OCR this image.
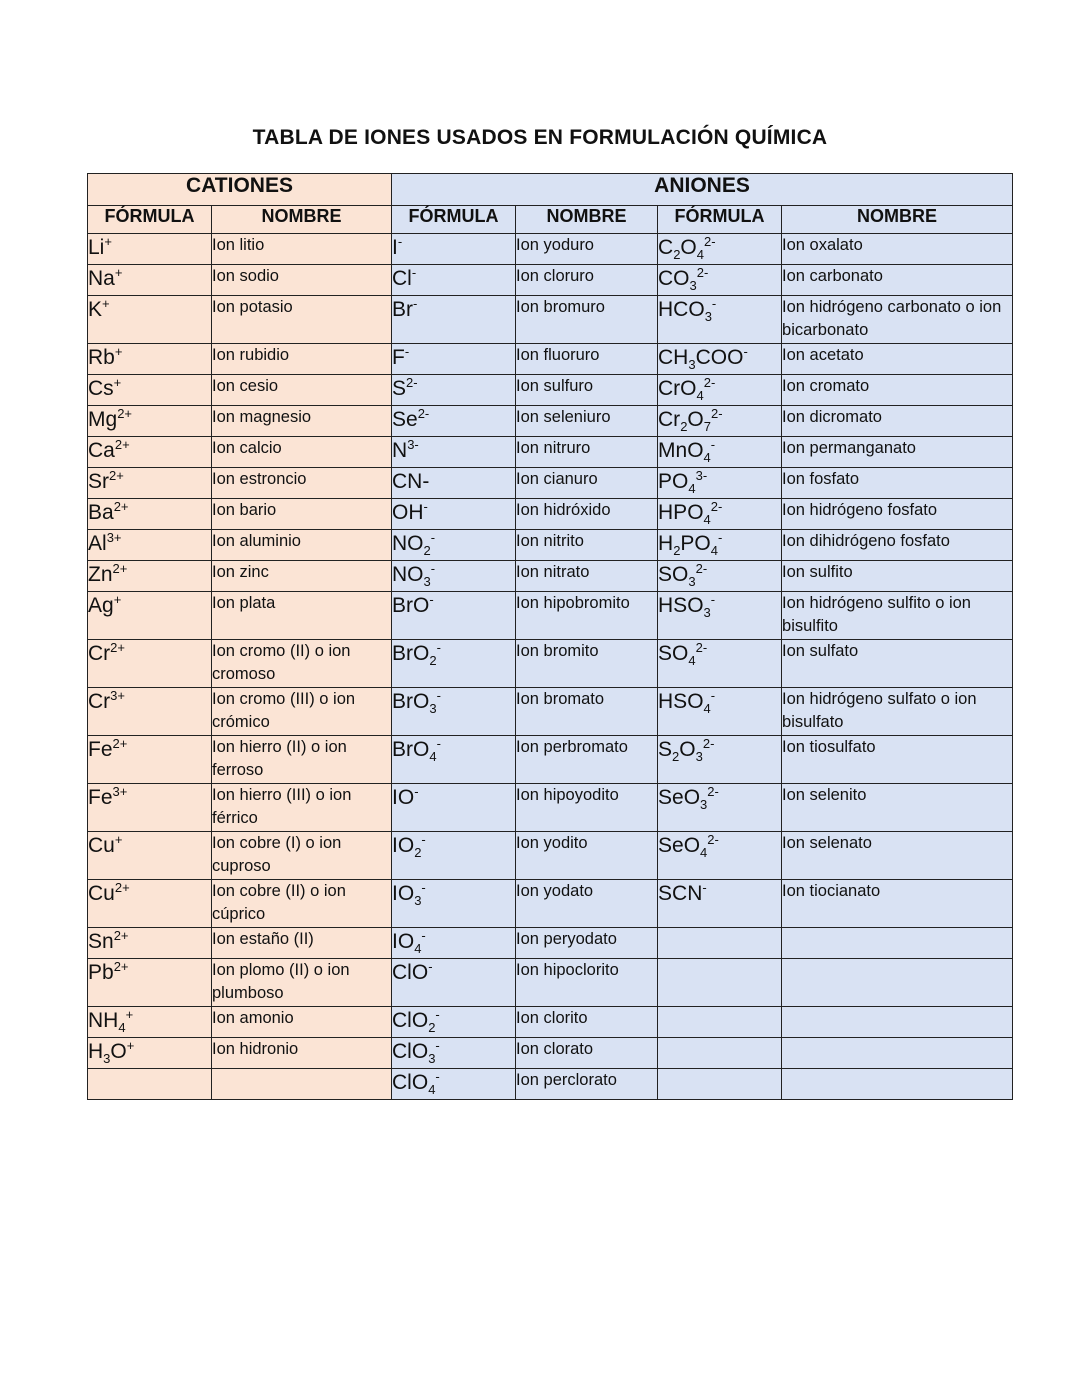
TABLA DE IONES USADOS EN FORMULACIÓN QUÍMICA
CATIONES		ANIONES			
FÓRMULA	NOMBRE	FÓRMULA	NOMBRE	FÓRMULA	NOMBRE
Li+	Ion litio	I-	Ion yoduro	$C_2O_4^{2-}$	Ion oxalato
Na+	Ion sodio	Cl-	Ion cloruro	$CO_3^{2-}$	Ion carbonato
K+	Ion potasio	Br-	Ion bromuro	$HCO_3^-$	Ion hidrógeno carbonato o ion bicarbonato
Rb+	Ion rubidio	F-	Ion fluoruro	$CH_3COO^-$	Ion acetato
Cs+	Ion cesio	$S^{2-}$	Ion sulfuro	CrO$_4^{2-}$	Ion cromato
$Mg^{2+}$	Ion magnesio	$Se^{2-}$	Ion seleniuro	$Cr_2O_7^{2-}$	Ion dicromato
$Ca^{2+}$	Ion calcio	$N^{3-}$	Ion nitruro	MnO$_4$-	Ion permanganato
$Sr^{2+}$	Ion estroncio	CN-	Ion cianuro	$PO_4^{3-}$	Ion fosfato
$Ba^{2+}$	Ion bario	OH-	Ion hidróxido	$HPO_4^{2-}$	Ion hidrógeno fosfato
$Al^{3+}$	Ion aluminio	$NO_2^-$	Ion nitrito	$H_2PO_4^-$	Ion dihidrógeno fosfato
$Zn^{2+}$	Ion zinc	$NO_3^-$	Ion nitrato	$SO_3^{2-}$	Ion sulfito
Ag+	Ion plata	BrO-	Ion hipobromito	$HSO_3^-$	Ion hidrógeno sulfito o ion bisulfito
$Cr^{2+}$	Ion cromo (II) o ion cromoso	BrO$_2$-	Ion bromito	$SO_4^{2-}$	Ion sulfato
$Cr^{3+}$	Ion cromo (III) o ion crómico	BrO$_3$-	Ion bromato	$HSO_4^-$	Ion hidrógeno sulfato o ion bisulfato
$Fe^{2+}$	Ion hierro (II) o ion ferroso	BrO$_4$-	Ion perbromato	$S_2O_3^{2-}$	Ion tiosulfato
$Fe^{3+}$	Ion hierro (III) o ion férrico	IO-	Ion hipoyodito	SeO$_3^{2-}$	Ion selenito
Cu+	Ion cobre (I) o ion cuproso	$IO_2^-$	Ion yodito	SeO$_4^{2-}$	Ion selenato
$Cu^{2+}$	Ion cobre (II) o ion cúprico	$IO_3^-$	Ion yodato	SCN-	Ion tiocianato
$Sn^{2+}$	Ion estaño (II)	$IO_4^-$	Ion peryodato		
$Pb^{2+}$	Ion plomo (II) o ion plumboso	ClO-	Ion hipoclorito		
$NH_4^+$	Ion amonio	ClO$_2$-	Ion clorito		
$H_3O^+$	Ion hidronio	ClO$_3$-	Ion clorato		
		ClO$_4$-	Ion perclorato		
